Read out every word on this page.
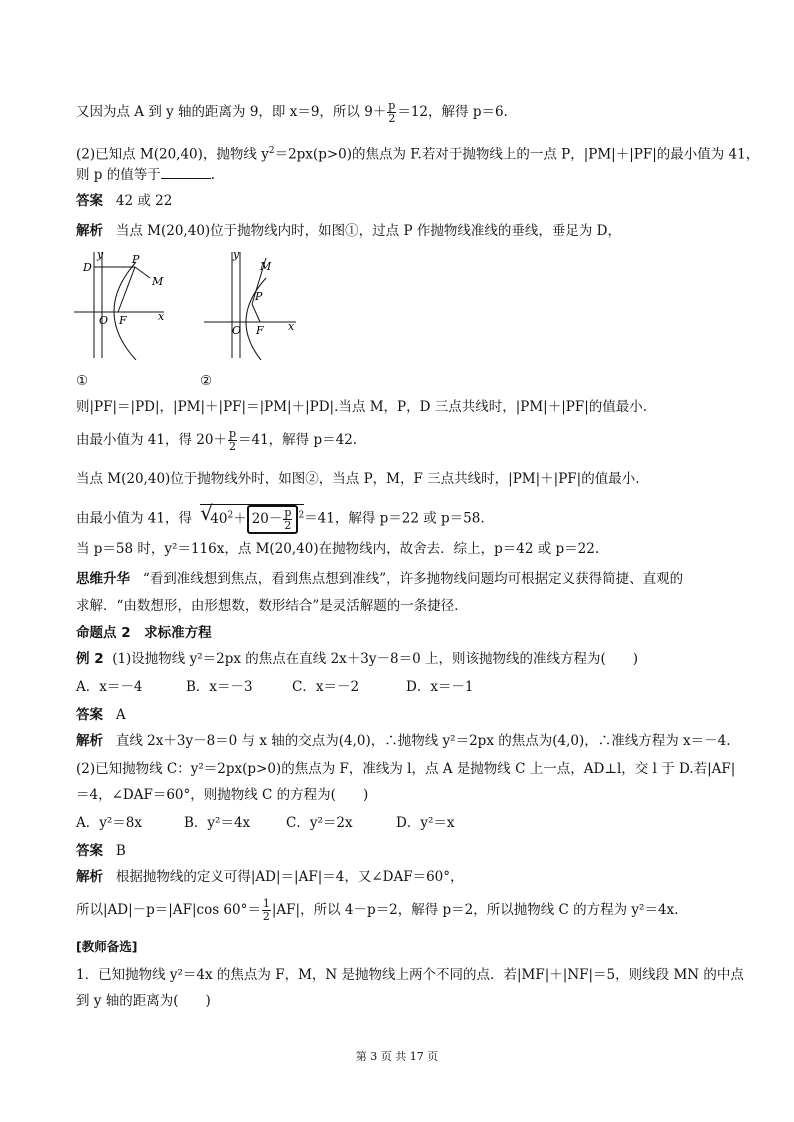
又因为点 A 到 y 轴的距离为 9，即 x＝9，所以 $9+ \frac{p}{2} =12$，解得 p＝6.
(2)已知点 M(20,40)，抛物线 $y^2=2px(p>0)$的焦点为 F.若对于抛物线上的一点 P，|PM|＋|PF|的最小值为 41，
则 p 的值等于	.
答案 42 或 22
解析 当点 M(20,40)位于抛物线内时，如图①，过点 P 作抛物线准线的垂线，垂足为 D，
y
D
P
M
O F	x
y
M
P
O F x
①	②
则|PF|＝|PD|，|PM|＋|PF|＝|PM|＋|PD|.当点 M，P，D 三点共线时，|PM|＋|PF|的值最小.
由最小值为 41，得 $20+ \frac{p}{2} =41$，解得 p＝42.
当点 M(20,40)位于抛物线外时，如图②，当点 P，M，F 三点共线时，|PM|＋|PF|的值最小.
由最小值为 41，得 √
$40^2+ 20- \frac{p}{2} ^2=41$，解得 p＝22 或 p＝58.
当 p＝58 时，y²＝116x，点 M(20,40)在抛物线内，故舍去．综上，p＝42 或 p＝22.
思维升华 “看到准线想到焦点，看到焦点想到准线”，许多抛物线问题均可根据定义获得简捷、直观的
求解．“由数想形，由形想数，数形结合”是灵活解题的一条捷径．
命题点 2　求标准方程
例 2 (1)设抛物线 y²＝2px 的焦点在直线 2x＋3y－8＝0 上，则该抛物线的准线方程为(　　)
A．x＝－4	B．x＝－3	C．x＝－2	D．x＝－1
答案 A
解析 直线 2x＋3y－8＝0 与 x 轴的交点为(4,0)，∴抛物线 y²＝2px 的焦点为(4,0)，∴准线方程为 x＝－4.
(2)已知抛物线 C：y²＝2px(p>0)的焦点为 F，准线为 l，点 A 是抛物线 C 上一点，AD⊥l，交 l 于 D.若|AF|
＝4，∠DAF＝60°，则抛物线 C 的方程为(　　)
A．y²＝8x	B．y²＝4x	C．y²＝2x	D．y²＝x
答案 B
解析 根据抛物线的定义可得|AD|＝|AF|＝4，又∠DAF＝60°，
所以|AD|－p＝|AF|cos $60^\circ= \frac{1}{2} |AF|$，所以 4－p＝2，解得 p＝2，所以抛物线 C 的方程为 y²＝4x.
[教师备选]
1．已知抛物线 y²＝4x 的焦点为 F，M，N 是抛物线上两个不同的点．若|MF|＋|NF|＝5，则线段 MN 的中点
到 y 轴的距离为(　　)
第 3 页 共 17 页
